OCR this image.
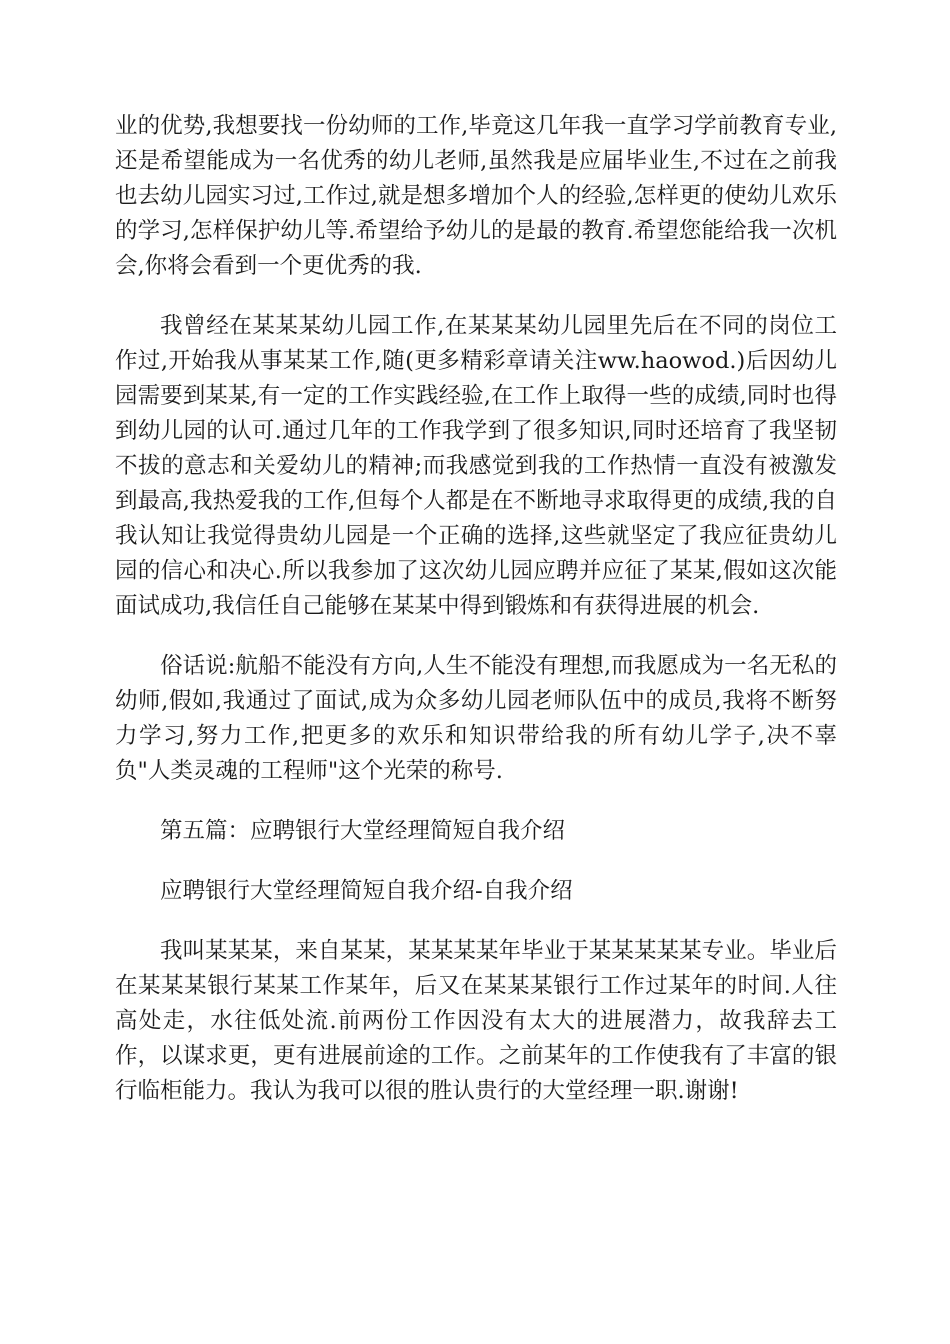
业的优势,我想要找一份幼师的工作,毕竟这几年我一直学习学前教育专业,还是希望能成为一名优秀的幼儿老师,虽然我是应届毕业生,不过在之前我也去幼儿园实习过,工作过,就是想多增加个人的经验,怎样更的使幼儿欢乐的学习,怎样保护幼儿等.希望给予幼儿的是最的教育.希望您能给我一次机会,你将会看到一个更优秀的我.

我曾经在某某某幼儿园工作,在某某某幼儿园里先后在不同的岗位工作过,开始我从事某某工作,随(更多精彩章请关注ww.haowod.)后因幼儿园需要到某某,有一定的工作实践经验,在工作上取得一些的成绩,同时也得到幼儿园的认可.通过几年的工作我学到了很多知识,同时还培育了我坚韧不拔的意志和关爱幼儿的精神;而我感觉到我的工作热情一直没有被激发到最高,我热爱我的工作,但每个人都是在不断地寻求取得更的成绩,我的自我认知让我觉得贵幼儿园是一个正确的选择,这些就坚定了我应征贵幼儿园的信心和决心.所以我参加了这次幼儿园应聘并应征了某某,假如这次能面试成功,我信任自己能够在某某中得到锻炼和有获得进展的机会.

俗话说:航船不能没有方向,人生不能没有理想,而我愿成为一名无私的幼师,假如,我通过了面试,成为众多幼儿园老师队伍中的成员,我将不断努力学习,努力工作,把更多的欢乐和知识带给我的所有幼儿学子,决不辜负"人类灵魂的工程师"这个光荣的称号.

第五篇：应聘银行大堂经理简短自我介绍

应聘银行大堂经理简短自我介绍-自我介绍

我叫某某某，来自某某，某某某某年毕业于某某某某某专业。毕业后在某某某银行某某工作某年，后又在某某某银行工作过某年的时间.人往高处走，水往低处流.前两份工作因没有太大的进展潜力，故我辞去工作，以谋求更，更有进展前途的工作。之前某年的工作使我有了丰富的银行临柜能力。我认为我可以很的胜认贵行的大堂经理一职.谢谢!
